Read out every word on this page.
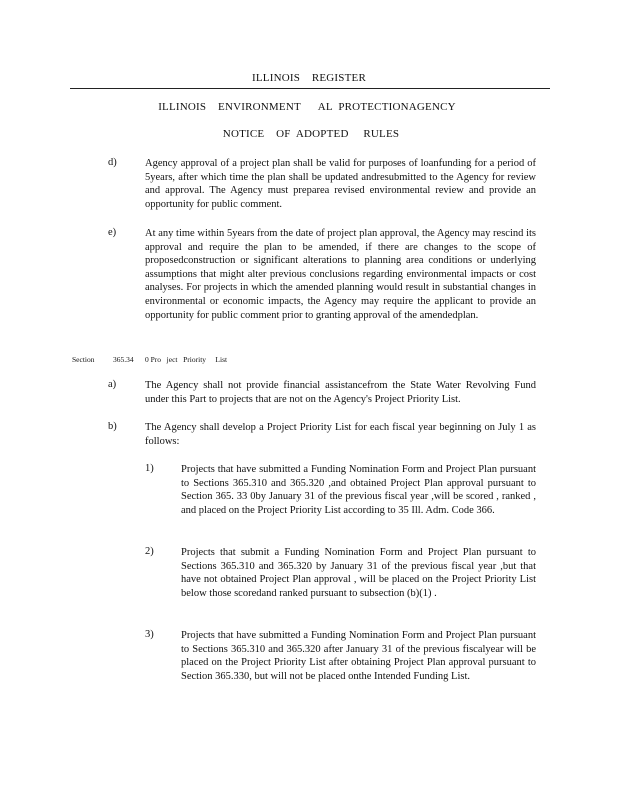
ILLINOIS    REGISTER
ILLINOIS    ENVIRONMENT      AL  PROTECTIONAGENCY
NOTICE    OF  ADOPTED     RULES
d)	Agency approval of a project plan shall be valid for purposes of loanfunding for a period of 5years, after which time the plan shall be updated andresubmitted to the Agency for review and approval. The Agency must preparea revised environmental review and provide an opportunity for public comment.

e)	At any time within 5years from the date of project plan approval, the Agency may rescind its approval and require the plan to be amended, if there are changes to the scope of proposedconstruction or significant alterations to planning area conditions or underlying assumptions that might alter previous conclusions regarding environmental impacts or cost analyses. For projects in which the amended planning would result in substantial changes in environmental or economic impacts, the Agency may require the applicant to provide an opportunity for public comment prior to granting approval of the amendedplan.

Section 365.34 0 Pro   ject   Priority     List
a)	The Agency shall not provide financial assistancefrom the State Water Revolving Fund under this Part to projects that are not on the Agency's Project Priority List.

b)	The Agency shall develop a Project Priority List for each fiscal year beginning on July 1 as follows:

1)	Projects that have submitted a Funding Nomination Form and Project Plan pursuant to Sections 365.310 and 365.320 ,and obtained Project Plan approval pursuant to Section 365. 33 0by January 31 of the previous fiscal year ,will be scored , ranked , and placed on the Project Priority List according to 35 Ill. Adm. Code 366.

2)	Projects that submit a Funding Nomination Form and Project Plan pursuant to Sections 365.310 and 365.320 by January 31 of the previous fiscal year ,but that have not obtained Project Plan approval , will be placed on the Project Priority List below those scoredand ranked pursuant to subsection (b)(1) .

3)	Projects that have submitted a Funding Nomination Form and Project Plan pursuant to Sections 365.310 and 365.320 after January 31 of the previous fiscalyear will be placed on the Project Priority List after obtaining Project Plan approval pursuant to Section 365.330, but will not be placed onthe Intended Funding List.
